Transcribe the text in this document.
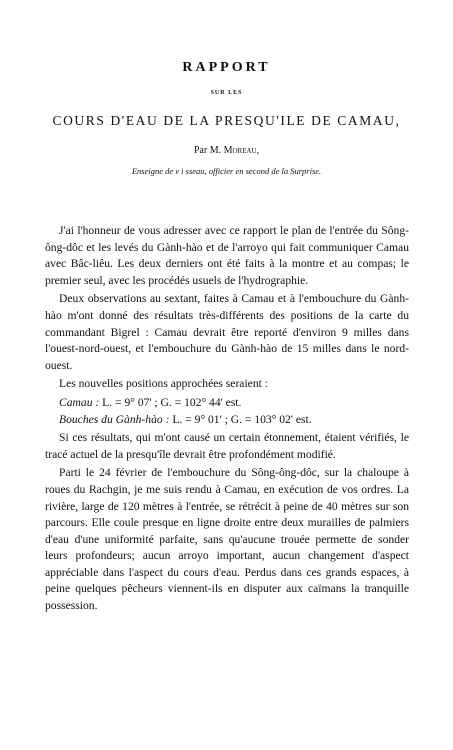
RAPPORT
SUR LES
COURS D'EAU DE LA PRESQU'ILE DE CAMAU,
Par M. Moreau,
Enseigne de v i sseau, officier en second de la Surprise.

J'ai l'honneur de vous adresser avec ce rapport le plan de l'entrée du Sông-ông-dôc et les levés du Gành-hào et de l'arroyo qui fait communiquer Camau avec Bâc-liêu. Les deux derniers ont été faits à la montre et au compas; le premier seul, avec les procédés usuels de l'hydrographie.

Deux observations au sextant, faites à Camau et à l'embouchure du Gành-hào m'ont donné des résultats très-différents des positions de la carte du commandant Bigrel : Camau devrait être reporté d'environ 9 milles dans l'ouest-nord-ouest, et l'embouchure du Gành-hào de 15 milles dans le nord-ouest.

Les nouvelles positions approchées seraient :

Camau : L. = 9° 07' ; G. = 102° 44' est.
Bouches du Gành-hào : L. = 9° 01' ; G. = 103° 02' est.

Si ces résultats, qui m'ont causé un certain étonnement, étaient vérifiés, le tracé actuel de la presqu'île devrait être profondément modifié.

Parti le 24 février de l'embouchure du Sông-ông-dôc, sur la chaloupe à roues du Rachgin, je me suis rendu à Camau, en exécution de vos ordres. La rivière, large de 120 mètres à l'entrée, se rétrécit à peine de 40 mètres sur son parcours. Elle coule presque en ligne droite entre deux murailles de palmiers d'eau d'une uniformité parfaite, sans qu'aucune trouée permette de sonder leurs profondeurs; aucun arroyo important, aucun changement d'aspect appréciable dans l'aspect du cours d'eau. Perdus dans ces grands espaces, à peine quelques pêcheurs viennent-ils en disputer aux caïmans la tranquille possession.
